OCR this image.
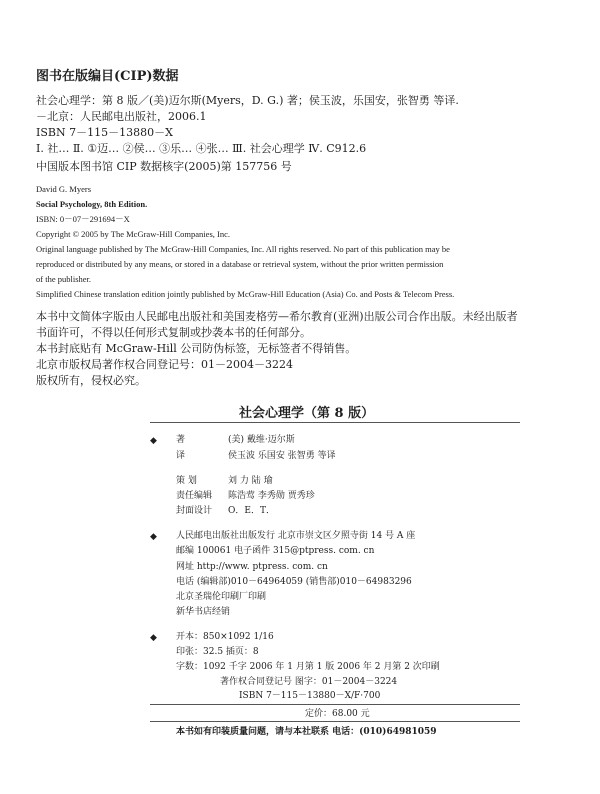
图书在版编目(CIP)数据
社会心理学：第 8 版／(美)迈尔斯(Myers，D. G.) 著；侯玉波，乐国安，张智勇 等译.
－北京：人民邮电出版社，2006.1
ISBN 7－115－13880－X
Ⅰ. 社… Ⅱ. ①迈… ②侯… ③乐… ④张… Ⅲ. 社会心理学 Ⅳ. C912.6
中国版本图书馆 CIP 数据核字(2005)第 157756 号
David G. Myers
Social Psychology, 8th Edition.
ISBN: 0－07－291694－X
Copyright © 2005 by The McGraw-Hill Companies, Inc.
Original language published by The McGraw-Hill Companies, Inc. All rights reserved. No part of this publication may be
reproduced or distributed by any means, or stored in a database or retrieval system, without the prior written permission
of the publisher.
Simplified Chinese translation edition jointly published by McGraw-Hill Education (Asia) Co. and Posts & Telecom Press.
本书中文简体字版由人民邮电出版社和美国麦格劳—希尔教育(亚洲)出版公司合作出版。未经出版者
书面许可，不得以任何形式复制或抄袭本书的任何部分。
本书封底贴有 McGraw-Hill 公司防伪标签，无标签者不得销售。
北京市版权局著作权合同登记号：01－2004－3224
版权所有，侵权必究。
社会心理学（第 8 版）
◆ 著	(美) 戴维·迈尔斯
译	侯玉波 乐国安 张智勇 等译
策 划	刘 力 陆 瑜
责任编辑 陈浩莺 李秀勋 贾秀珍
封面设计 O．E．T．
◆ 人民邮电出版社出版发行 北京市崇文区夕照寺街 14 号 A 座
邮编 100061 电子函件 315@ptpress. com. cn
网址 http://www. ptpress. com. cn
电话 (编辑部)010－64964059 (销售部)010－64983296
北京圣瑞伦印刷厂印刷
新华书店经销
◆ 开本：850×1092 1/16
印张：32.5 插页：8
字数：1092 千字 2006 年 1 月第 1 版 2006 年 2 月第 2 次印刷
著作权合同登记号 图字：01－2004－3224
ISBN 7－115－13880－X/F·700
定价：68.00 元
本书如有印装质量问题，请与本社联系 电话：(010)64981059
